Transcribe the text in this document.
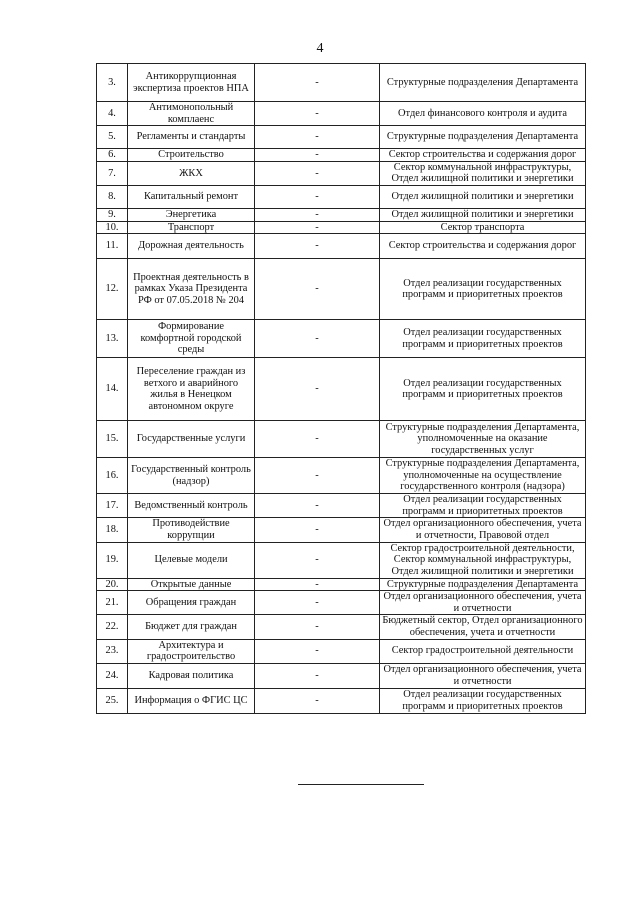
4
3.	Антикоррупционная экспертиза проектов НПА	-	Структурные подразделения Департамента
4.	Антимонопольный комплаенс	-	Отдел финансового контроля и аудита
5.	Регламенты и стандарты	-	Структурные подразделения Департамента
6.	Строительство	-	Сектор строительства и содержания дорог
7.	ЖКХ	-	Сектор коммунальной инфраструктуры, Отдел жилищной политики и энергетики
8.	Капитальный ремонт	-	Отдел жилищной политики и энергетики
9.	Энергетика	-	Отдел жилищной политики и энергетики
10.	Транспорт	-	Сектор транспорта
11.	Дорожная деятельность	-	Сектор строительства и содержания дорог
12.	Проектная деятельность в рамках Указа Президента РФ от 07.05.2018 № 204	-	Отдел реализации государственных программ и приоритетных проектов
13.	Формирование комфортной городской среды	-	Отдел реализации государственных программ и приоритетных проектов
14.	Переселение граждан из ветхого и аварийного жилья в Ненецком автономном округе	-	Отдел реализации государственных программ и приоритетных проектов
15.	Государственные услуги	-	Структурные подразделения Департамента, уполномоченные на оказание государственных услуг
16.	Государственный контроль (надзор)	-	Структурные подразделения Департамента, уполномоченные на осуществление государственного контроля (надзора)
17.	Ведомственный контроль	-	Отдел реализации государственных программ и приоритетных проектов
18.	Противодействие коррупции	-	Отдел организационного обеспечения, учета и отчетности, Правовой отдел
19.	Целевые модели	-	Сектор градостроительной деятельности, Сектор коммунальной инфраструктуры, Отдел жилищной политики и энергетики
20.	Открытые данные	-	Структурные подразделения Департамента
21.	Обращения граждан	-	Отдел организационного обеспечения, учета и отчетности
22.	Бюджет для граждан	-	Бюджетный сектор, Отдел организационного обеспечения, учета и отчетности
23.	Архитектура и градостроительство	-	Сектор градостроительной деятельности
24.	Кадровая политика	-	Отдел организационного обеспечения, учета и отчетности
25.	Информация о ФГИС ЦС	-	Отдел реализации государственных программ и приоритетных проектов
